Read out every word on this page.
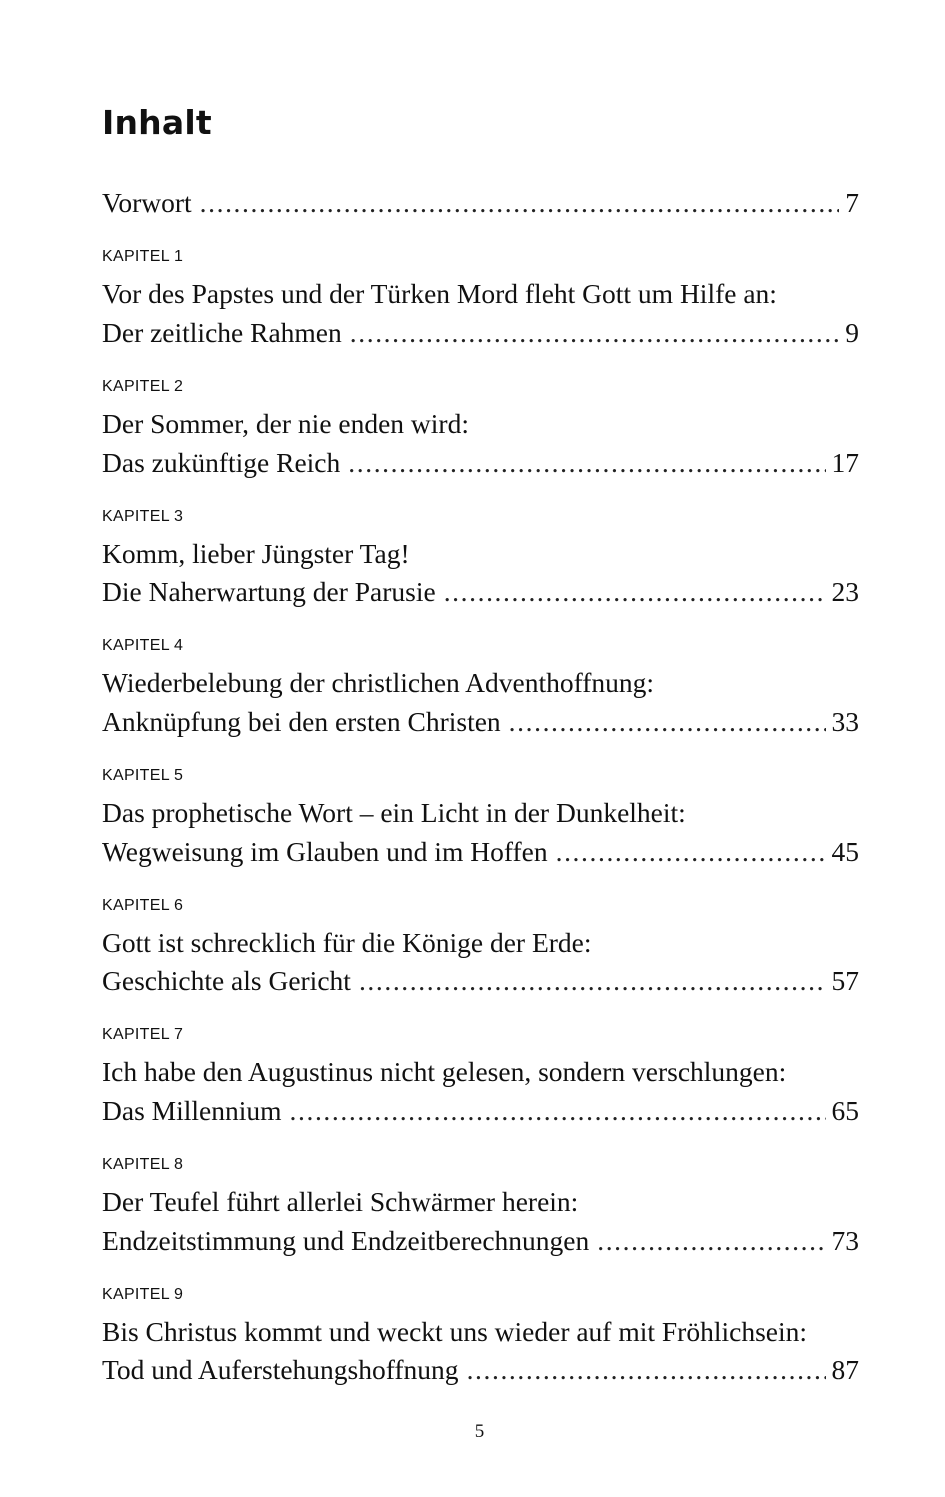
Inhalt
Vorwort .....	7
KAPITEL 1
Vor des Papstes und der Türken Mord fleht Gott um Hilfe an:
Der zeitliche Rahmen .....	9
KAPITEL 2
Der Sommer, der nie enden wird:
Das zukünftige Reich .....	17
KAPITEL 3
Komm, lieber Jüngster Tag!
Die Naherwartung der Parusie .....	23
KAPITEL 4
Wiederbelebung der christlichen Adventhoffnung:
Anknüpfung bei den ersten Christen .....	33
KAPITEL 5
Das prophetische Wort – ein Licht in der Dunkelheit:
Wegweisung im Glauben und im Hoffen .....	45
KAPITEL 6
Gott ist schrecklich für die Könige der Erde:
Geschichte als Gericht .....	57
KAPITEL 7
Ich habe den Augustinus nicht gelesen, sondern verschlungen:
Das Millennium .....	65
KAPITEL 8
Der Teufel führt allerlei Schwärmer herein:
Endzeitstimmung und Endzeitberechnungen .....	73
KAPITEL 9
Bis Christus kommt und weckt uns wieder auf mit Fröhlichsein:
Tod und Auferstehungshoffnung .....	87
5
